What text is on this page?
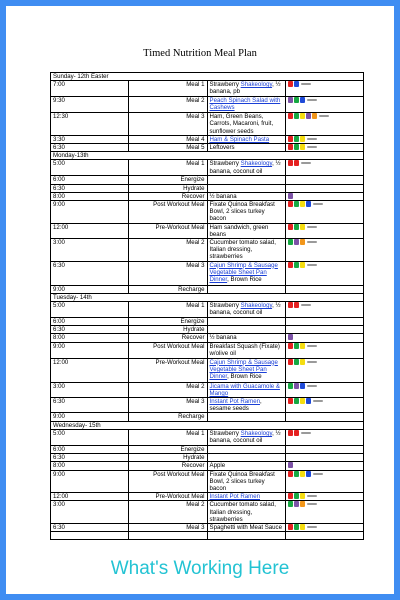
Timed Nutrition Meal Plan
Sunday- 12th Easter			
7:00	Meal 1	Strawberry Shakeology, ½ banana, pb	
9:30	Meal 2	Peach Spinach Salad with Cashews	
12:30	Meal 3	Ham, Green Beans, Carrots, Macaroni, fruit, sunflower seeds	
3:30	Meal 4	Ham & Spinach Pasta	
6:30	Meal 5	Leftovers	
Monday-13th			
5:00	Meal 1	Strawberry Shakeology, ½ banana, coconut oil	
6:00	Energize		
6:30	Hydrate		
8:00	Recover	½ banana	
9:00	Post Workout Meal	Fixate Quinoa Breakfast Bowl, 2 slices turkey bacon	
12:00	Pre-Workout Meal	Ham sandwich, green beans	
3:00	Meal 2	Cucumber tomato salad, Italian dressing, strawberries	
6:30	Meal 3	Cajun Shrimp & Sausage Vegetable Sheet Pan Dinner, Brown Rice	
9:00	Recharge		
Tuesday- 14th			
5:00	Meal 1	Strawberry Shakeology, ½ banana, coconut oil	
6:00	Energize		
6:30	Hydrate		
8:00	Recover	½ banana	
9:00	Post Workout Meal	Breakfast Squash (Fixate) w/olive oil	
12:00	Pre-Workout Meal	Cajun Shrimp & Sausage Vegetable Sheet Pan Dinner, Brown Rice	
3:00	Meal 2	Jicama with Guacamole & Mango	
6:30	Meal 3	Instant Pot Ramen, sesame seeds	
9:00	Recharge		
Wednesday- 15th			
5:00	Meal 1	Strawberry Shakeology, ½ banana, coconut oil	
6:00	Energize		
6:30	Hydrate		
8:00	Recover	Apple	
9:00	Post Workout Meal	Fixate Quinoa Breakfast Bowl, 2 slices turkey bacon	
12:00	Pre-Workout Meal	Instant Pot Ramen	
3:00	Meal 2	Cucumber tomato salad, Italian dressing, strawberries	
6:30	Meal 3	Spaghetti with Meat Sauce	

What's Working Here
